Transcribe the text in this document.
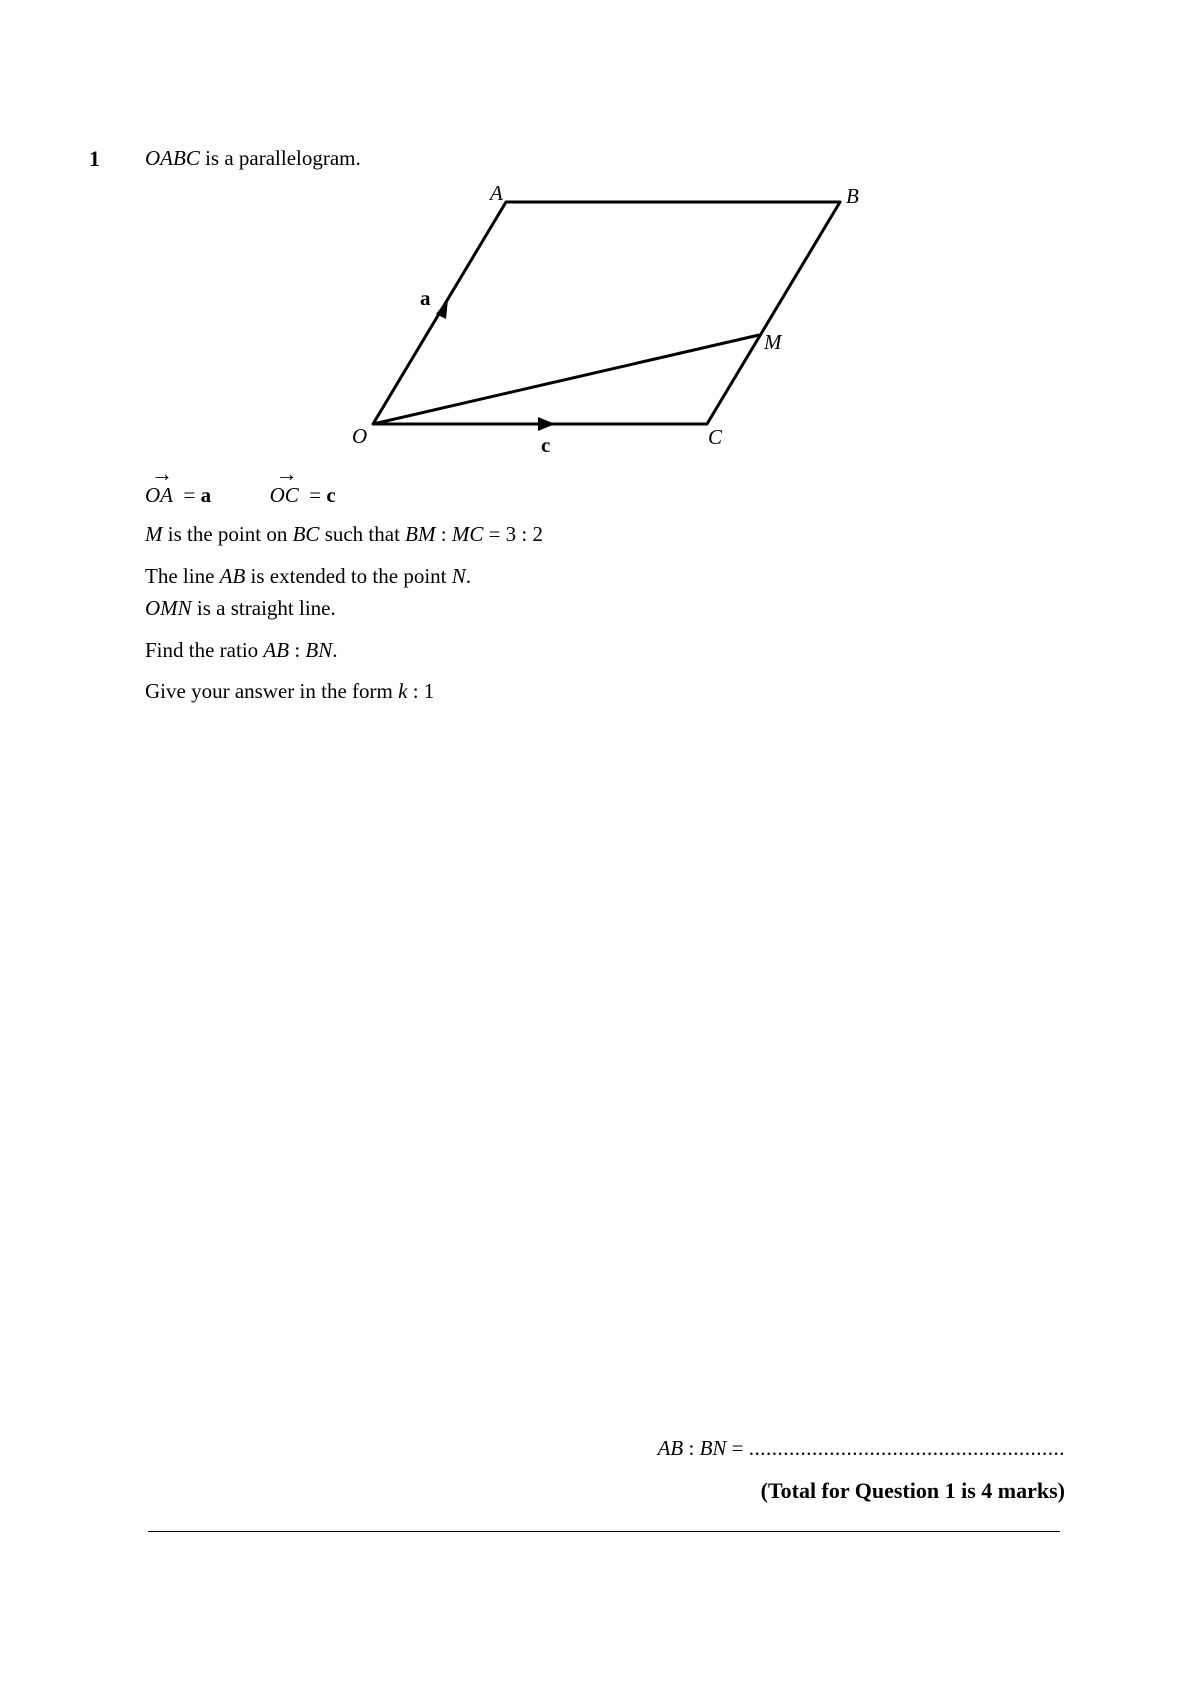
1 OABC is a parallelogram.
A	B
M
O	C
a
c
→
OA = a
→
OC = c
M is the point on BC such that BM : MC = 3 : 2
The line AB is extended to the point N.
OMN is a straight line.
Find the ratio AB : BN.
Give your answer in the form k : 1
AB : BN = .......................................................
(Total for Question 1 is 4 marks)
